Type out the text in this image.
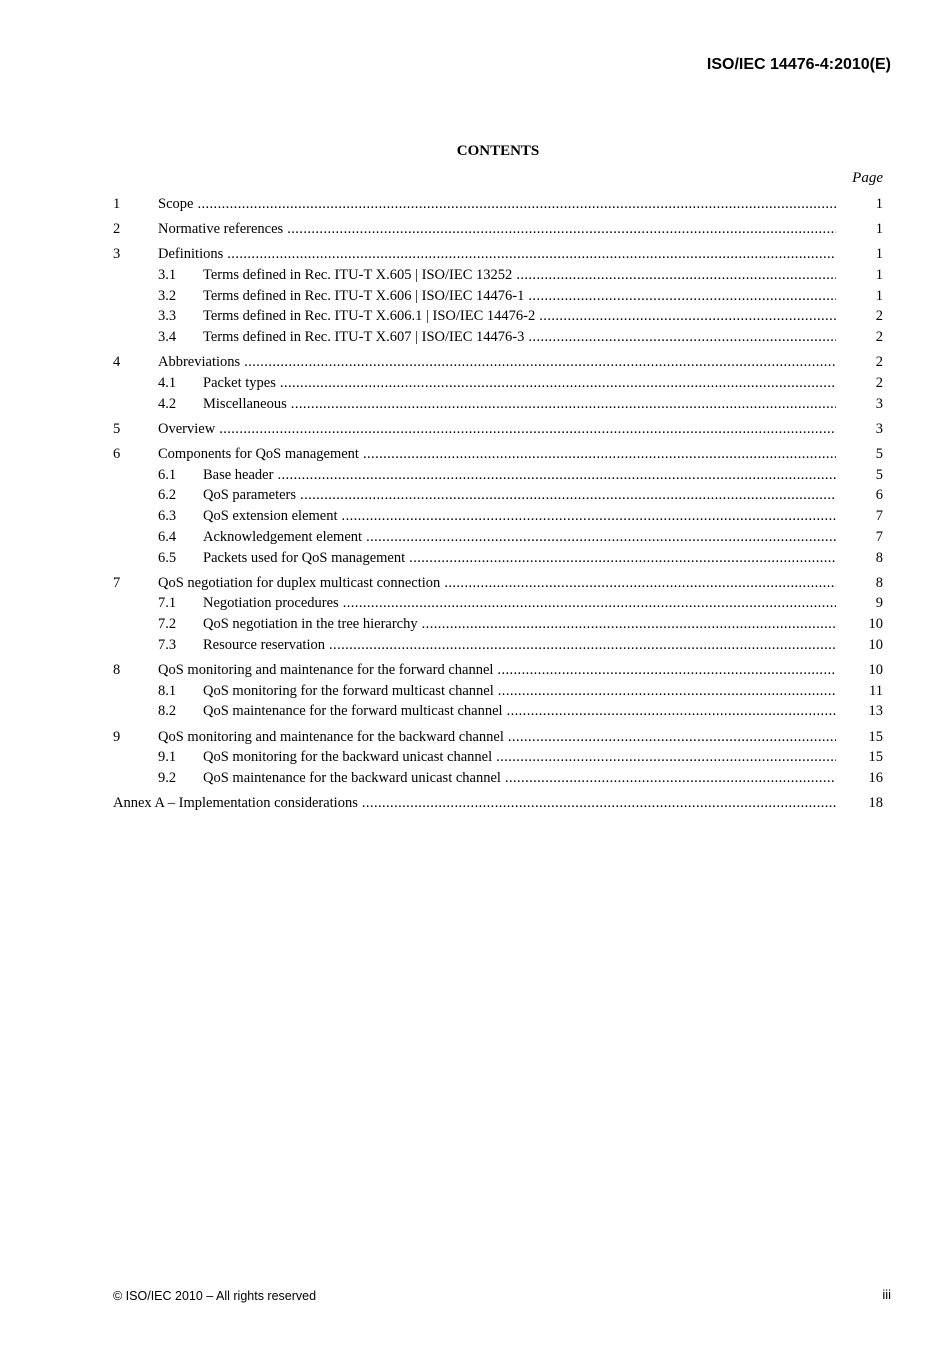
ISO/IEC 14476-4:2010(E)
CONTENTS
Page
1	Scope .....	1
2	Normative references .....	1
3	Definitions .....	1
3.1 Terms defined in Rec. ITU-T X.605 | ISO/IEC 13252 .....	1
3.2 Terms defined in Rec. ITU-T X.606 | ISO/IEC 14476-1 .....	1
3.3 Terms defined in Rec. ITU-T X.606.1 | ISO/IEC 14476-2 .....	2
3.4 Terms defined in Rec. ITU-T X.607 | ISO/IEC 14476-3 .....	2
4	Abbreviations .....	2
4.1 Packet types .....	2
4.2 Miscellaneous .....	3
5	Overview .....	3
6	Components for QoS management .....	5
6.1 Base header .....	5
6.2 QoS parameters .....	6
6.3 QoS extension element .....	7
6.4 Acknowledgement element .....	7
6.5 Packets used for QoS management .....	8
7	QoS negotiation for duplex multicast connection .....	8
7.1 Negotiation procedures .....	9
7.2 QoS negotiation in the tree hierarchy .....	10
7.3 Resource reservation .....	10
8	QoS monitoring and maintenance for the forward channel .....	10
8.1 QoS monitoring for the forward multicast channel .....	11
8.2 QoS maintenance for the forward multicast channel .....	13
9	QoS monitoring and maintenance for the backward channel .....	15
9.1 QoS monitoring for the backward unicast channel .....	15
9.2 QoS maintenance for the backward unicast channel .....	16
Annex A – Implementation considerations .....	18
© ISO/IEC 2010 – All rights reserved	iii
